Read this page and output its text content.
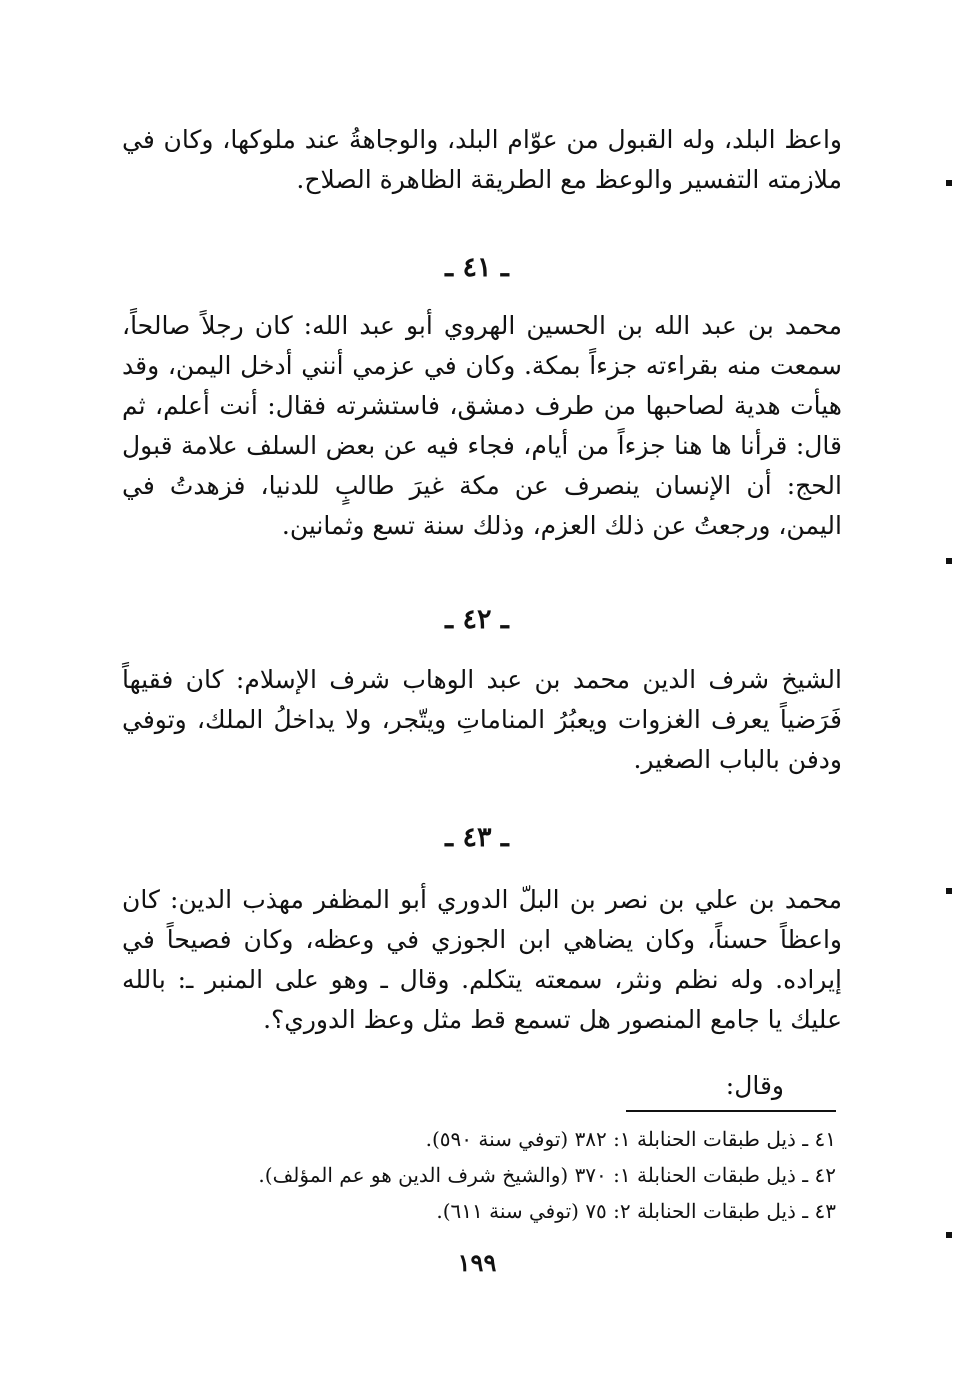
واعظ البلد، وله القبول من عوّام البلد، والوجاهةُ عند ملوكها، وكان في ملازمته التفسير والوعظ مع الطريقة الظاهرة الصلاح.

ـ ٤١ ـ

محمد بن عبد الله بن الحسين الهروي أبو عبد الله: كان رجلاً صالحاً، سمعت منه بقراءته جزءاً بمكة. وكان في عزمي أنني أدخل اليمن، وقد هيأت هدية لصاحبها من طرف دمشق، فاستشرته فقال: أنت أعلم، ثم قال: قرأنا ها هنا جزءاً من أيام، فجاء فيه عن بعض السلف علامة قبول الحج: أن الإنسان ينصرف عن مكة غيرَ طالبٍ للدنيا، فزهدتُ في اليمن، ورجعتُ عن ذلك العزم، وذلك سنة تسع وثمانين.

ـ ٤٢ ـ

الشيخ شرف الدين محمد بن عبد الوهاب شرف الإسلام: كان فقيهاً فَرَضياً يعرف الغزوات ويعبُرُ المناماتِ ويتّجر، ولا يداخلُ الملك، وتوفي ودفن بالباب الصغير.

ـ ٤٣ ـ

محمد بن علي بن نصر بن البلّ الدوري أبو المظفر مهذب الدين: كان واعظاً حسناً، وكان يضاهي ابن الجوزي في وعظه، وكان فصيحاً في إيراده. وله نظم ونثر، سمعته يتكلم. وقال ـ وهو على المنبر ـ: بالله عليك يا جامع المنصور هل تسمع قط مثل وعظ الدوري؟.

وقال:

٤١ ـ ذيل طبقات الحنابلة ١: ٣٨٢ (توفي سنة ٥٩٠).

٤٢ ـ ذيل طبقات الحنابلة ١: ٣٧٠ (والشيخ شرف الدين هو عم المؤلف).

٤٣ ـ ذيل طبقات الحنابلة ٢: ٧٥ (توفي سنة ٦١١).

١٩٩
